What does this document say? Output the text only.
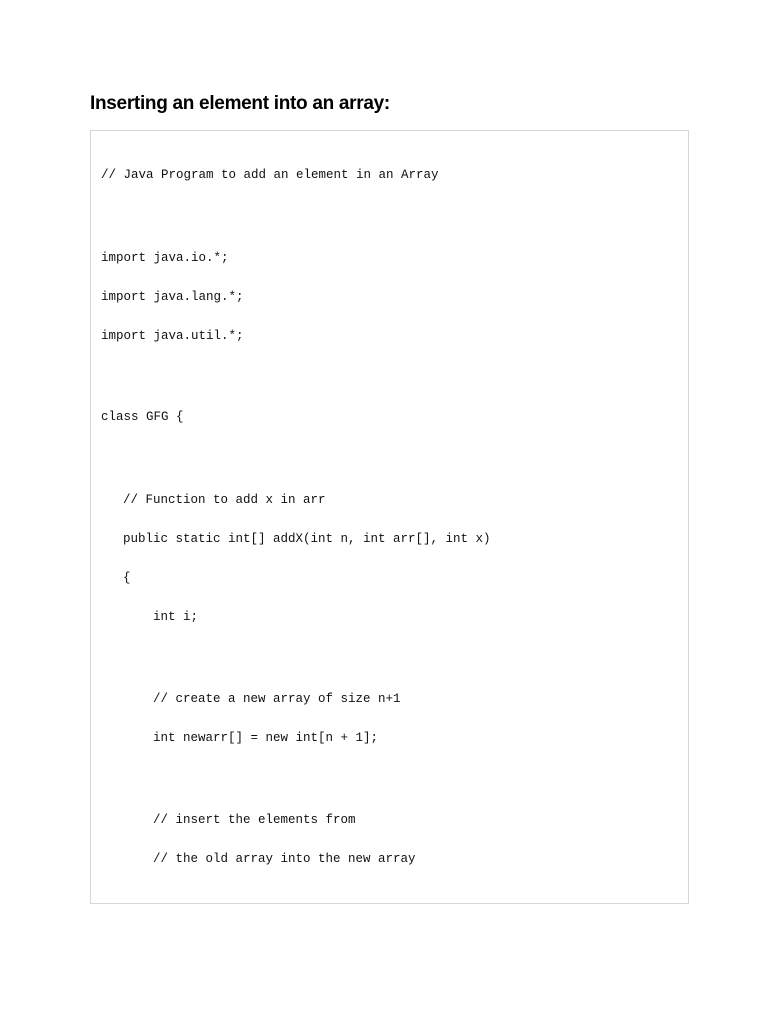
Inserting an element into an array:
// Java Program to add an element in an Array
import java.io.*;
import java.lang.*;
import java.util.*;
class GFG {
// Function to add x in arr
public static int[] addX(int n, int arr[], int x)
{
int i;
// create a new array of size n+1
int newarr[] = new int[n + 1];
// insert the elements from
// the old array into the new array
